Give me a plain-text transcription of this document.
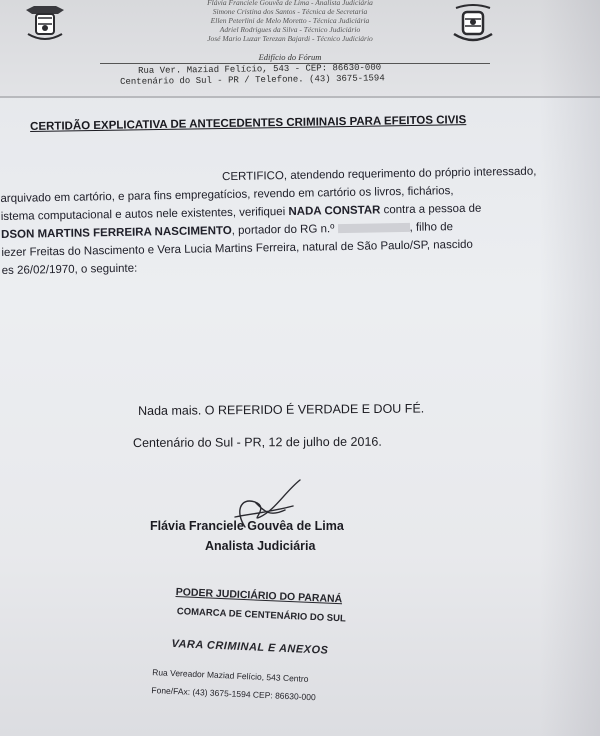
Flávia Franciele Gouvêa de Lima - Analista Judiciária
Simone Cristina dos Santos - Técnica de Secretaria
Ellen Peterlini de Melo Moretto - Técnica Judiciária
Adriel Rodrigues da Silva - Técnico Judiciário
José Mario Luzar Terezan Bajardi - Técnico Judiciário
Edifício do Fórum
Rua Ver. Maziad Felício, 543 - CEP: 86630-000
Centenário do Sul - PR / Telefone. (43) 3675-1594
CERTIDÃO EXPLICATIVA DE ANTECEDENTES CRIMINAIS PARA EFEITOS CIVIS
CERTIFICO, atendendo requerimento do próprio interessado,
arquivado em cartório, e para fins empregatícios, revendo em cartório os livros, fichários,
istema computacional e autos nele existentes, verifiquei NADA CONSTAR contra a pessoa de
DSON MARTINS FERREIRA NASCIMENTO, portador do RG n.º	, filho de
iezer Freitas do Nascimento e Vera Lucia Martins Ferreira, natural de São Paulo/SP, nascido
es 26/02/1970, o seguinte:
Nada mais. O REFERIDO É VERDADE E DOU FÉ.
Centenário do Sul - PR, 12 de julho de 2016.
Flávia Franciele Gouvêa de Lima
Analista Judiciária
PODER JUDICIÁRIO DO PARANÁ
COMARCA DE CENTENÁRIO DO SUL
VARA CRIMINAL E ANEXOS
Rua Vereador Maziad Felício, 543 Centro
Fone/FAx: (43) 3675-1594 CEP: 86630-000
